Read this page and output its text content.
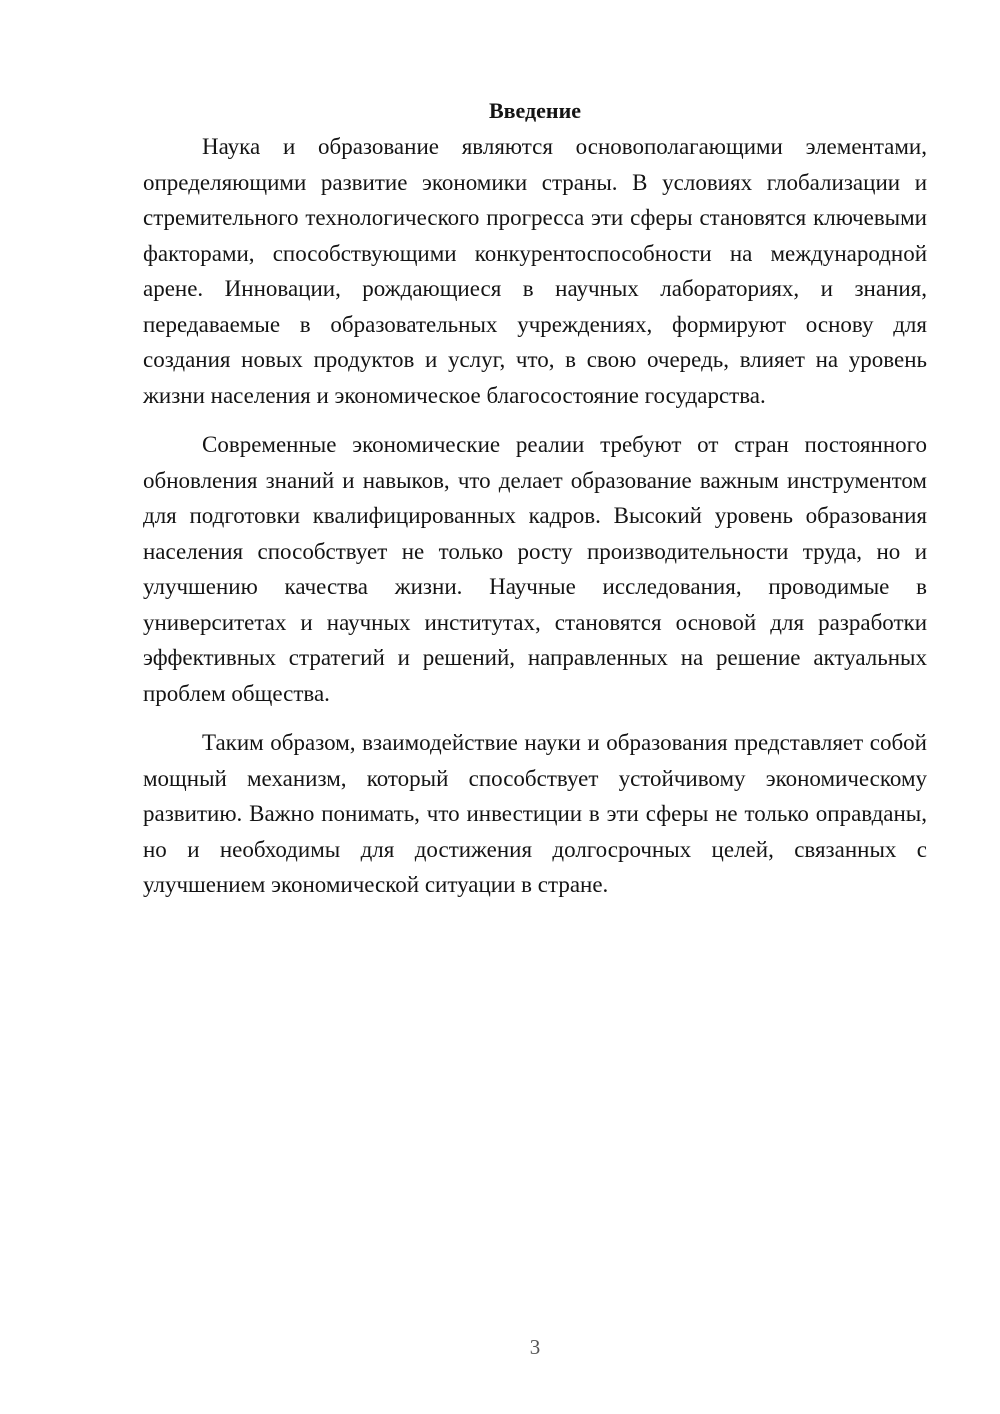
Введение

Наука и образование являются основополагающими элементами, определяющими развитие экономики страны. В условиях глобализации и стремительного технологического прогресса эти сферы становятся ключевыми факторами, способствующими конкурентоспособности на международной арене. Инновации, рождающиеся в научных лабораториях, и знания, передаваемые в образовательных учреждениях, формируют основу для создания новых продуктов и услуг, что, в свою очередь, влияет на уровень жизни населения и экономическое благосостояние государства.

Современные экономические реалии требуют от стран постоянного обновления знаний и навыков, что делает образование важным инструментом для подготовки квалифицированных кадров. Высокий уровень образования населения способствует не только росту производительности труда, но и улучшению качества жизни. Научные исследования, проводимые в университетах и научных институтах, становятся основой для разработки эффективных стратегий и решений, направленных на решение актуальных проблем общества.

Таким образом, взаимодействие науки и образования представляет собой мощный механизм, который способствует устойчивому экономическому развитию. Важно понимать, что инвестиции в эти сферы не только оправданы, но и необходимы для достижения долгосрочных целей, связанных с улучшением экономической ситуации в стране.

3
